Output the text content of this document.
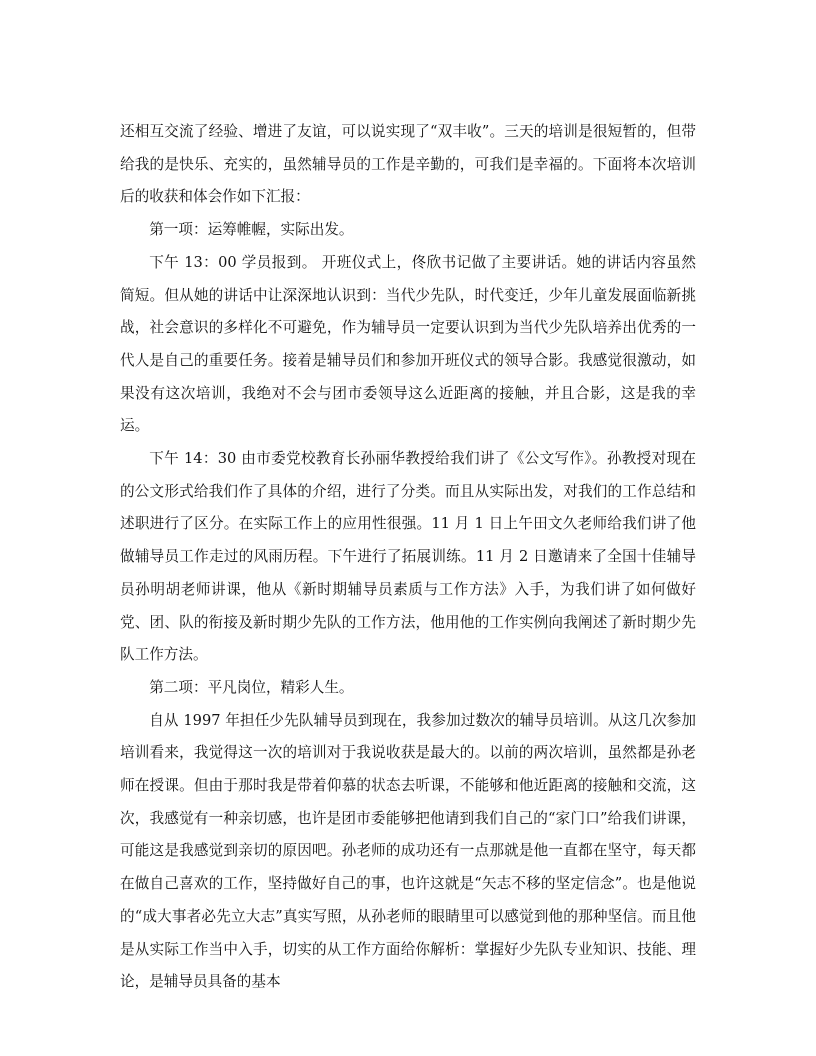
还相互交流了经验、增进了友谊，可以说实现了“双丰收”。三天的培训是很短暂的，但带给我的是快乐、充实的，虽然辅导员的工作是辛勤的，可我们是幸福的。下面将本次培训后的收获和体会作如下汇报：

第一项：运筹帷幄，实际出发。

下午 13：00 学员报到。 开班仪式上，佟欣书记做了主要讲话。她的讲话内容虽然简短。但从她的讲话中让深深地认识到：当代少先队，时代变迁，少年儿童发展面临新挑战，社会意识的多样化不可避免，作为辅导员一定要认识到为当代少先队培养出优秀的一代人是自己的重要任务。接着是辅导员们和参加开班仪式的领导合影。我感觉很激动，如果没有这次培训，我绝对不会与团市委领导这么近距离的接触，并且合影，这是我的幸运。

下午 14：30 由市委党校教育长孙丽华教授给我们讲了《公文写作》。孙教授对现在的公文形式给我们作了具体的介绍，进行了分类。而且从实际出发，对我们的工作总结和述职进行了区分。在实际工作上的应用性很强。11 月 1 日上午田文久老师给我们讲了他做辅导员工作走过的风雨历程。下午进行了拓展训练。11 月 2 日邀请来了全国十佳辅导员孙明胡老师讲课，他从《新时期辅导员素质与工作方法》入手，为我们讲了如何做好党、团、队的衔接及新时期少先队的工作方法，他用他的工作实例向我阐述了新时期少先队工作方法。

第二项：平凡岗位，精彩人生。

自从 1997 年担任少先队辅导员到现在，我参加过数次的辅导员培训。从这几次参加培训看来，我觉得这一次的培训对于我说收获是最大的。以前的两次培训，虽然都是孙老师在授课。但由于那时我是带着仰慕的状态去听课，不能够和他近距离的接触和交流，这次，我感觉有一种亲切感，也许是团市委能够把他请到我们自己的“家门口”给我们讲课，可能这是我感觉到亲切的原因吧。孙老师的成功还有一点那就是他一直都在坚守，每天都在做自己喜欢的工作，坚持做好自己的事，也许这就是“矢志不移的坚定信念”。也是他说的“成大事者必先立大志”真实写照，从孙老师的眼睛里可以感觉到他的那种坚信。而且他是从实际工作当中入手，切实的从工作方面给你解析：掌握好少先队专业知识、技能、理论，是辅导员具备的基本
